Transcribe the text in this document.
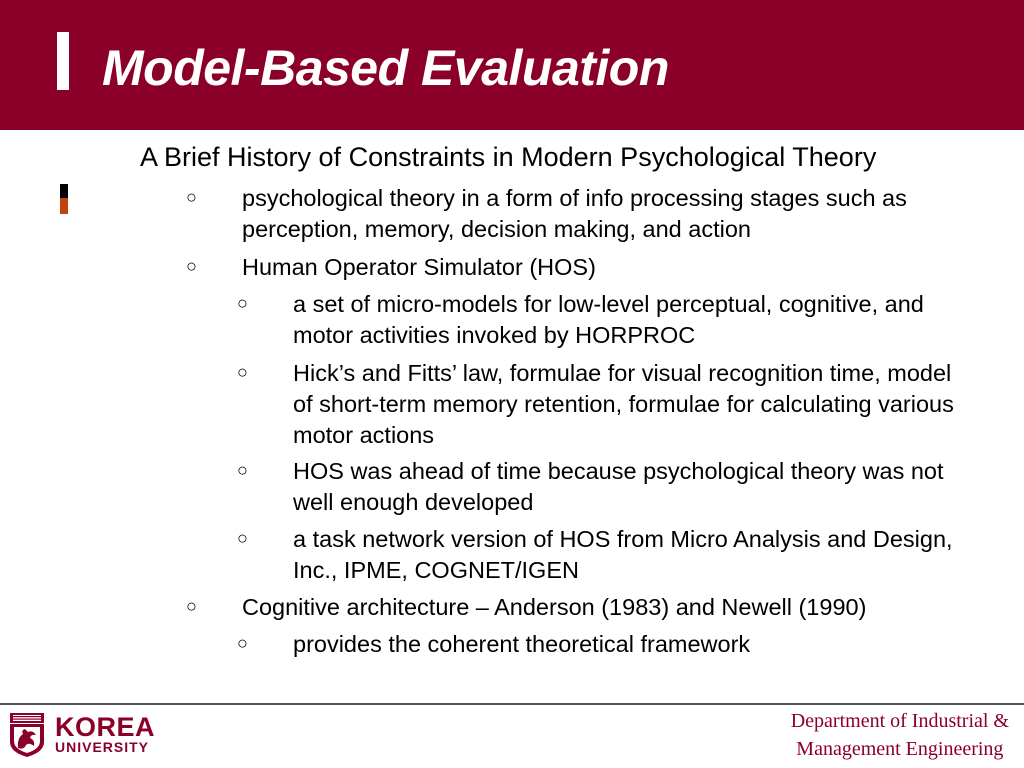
Model-Based Evaluation
A Brief History of Constraints in Modern Psychological Theory
○ psychological theory in a form of info processing stages such as
perception, memory, decision making, and action
○ Human Operator Simulator (HOS)
○ a set of micro-models for low-level perceptual, cognitive, and
motor activities invoked by HORPROC
○ Hick’s and Fitts’ law, formulae for visual recognition time, model
of short-term memory retention, formulae for calculating various
motor actions
○ HOS was ahead of time because psychological theory was not
well enough developed
○ a task network version of HOS from Micro Analysis and Design,
Inc., IPME, COGNET/IGEN
○ Cognitive architecture – Anderson (1983) and Newell (1990)
○ provides the coherent theoretical framework
KOREA
UNIVERSITY
Department of Industrial &
Management Engineering
